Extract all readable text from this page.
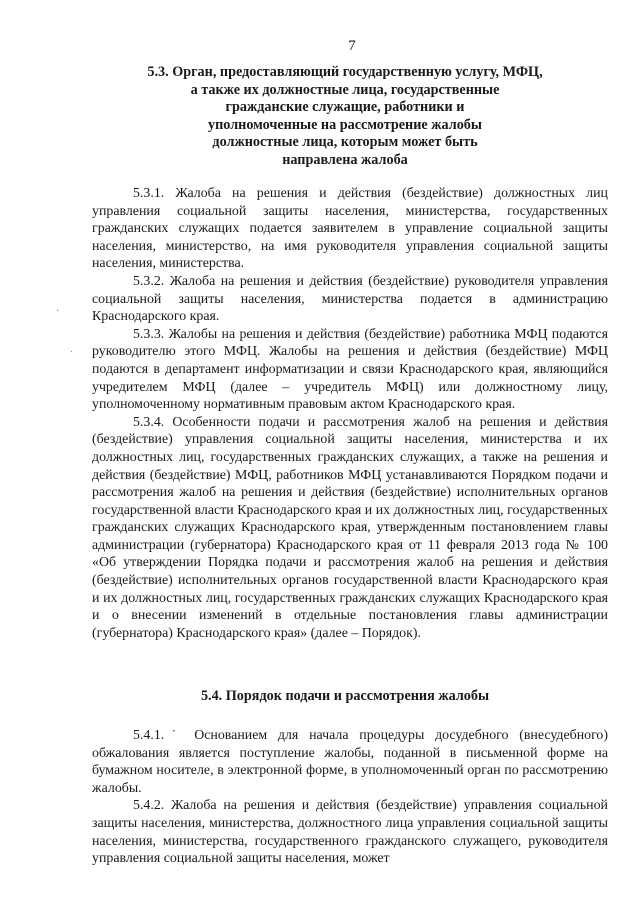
7
5.3. Орган, предоставляющий государственную услугу, МФЦ,
а также их должностные лица, государственные
гражданские служащие, работники и
уполномоченные на рассмотрение жалобы
должностные лица, которым может быть
направлена жалоба

5.3.1. Жалоба на решения и действия (бездействие) должностных лиц управления социальной защиты населения, министерства, государственных гражданских служащих подается заявителем в управление социальной защиты населения, министерство, на имя руководителя управления социальной защиты населения, министерства.

5.3.2. Жалоба на решения и действия (бездействие) руководителя управления социальной защиты населения, министерства подается в администрацию Краснодарского края.

5.3.3. Жалобы на решения и действия (бездействие) работника МФЦ подаются руководителю этого МФЦ. Жалобы на решения и действия (бездействие) МФЦ подаются в департамент информатизации и связи Краснодарского края, являющийся учредителем МФЦ (далее – учредитель МФЦ) или должностному лицу, уполномоченному нормативным правовым актом Краснодарского края.

5.3.4. Особенности подачи и рассмотрения жалоб на решения и действия (бездействие) управления социальной защиты населения, министерства и их должностных лиц, государственных гражданских служащих, а также на решения и действия (бездействие) МФЦ, работников МФЦ устанавливаются Порядком подачи и рассмотрения жалоб на решения и действия (бездействие) исполнительных органов государственной власти Краснодарского края и их должностных лиц, государственных гражданских служащих Краснодарского края, утвержденным постановлением главы администрации (губернатора) Краснодарского края от 11 февраля 2013 года № 100 «Об утверждении Порядка подачи и рассмотрения жалоб на решения и действия (бездействие) исполнительных органов государственной власти Краснодарского края и их должностных лиц, государственных гражданских служащих Краснодарского края и о внесении изменений в отдельные постановления главы администрации (губернатора) Краснодарского края» (далее – Порядок).

5.4. Порядок подачи и рассмотрения жалобы

5.4.1.˙ Основанием для начала процедуры досудебного (внесудебного) обжалования является поступление жалобы, поданной в письменной форме на бумажном носителе, в электронной форме, в уполномоченный орган по рассмотрению жалобы.

5.4.2. Жалоба на решения и действия (бездействие) управления социальной защиты населения, министерства, должностного лица управления социальной защиты населения, министерства, государственного гражданского служащего, руководителя управления социальной защиты населения, может

·
·
